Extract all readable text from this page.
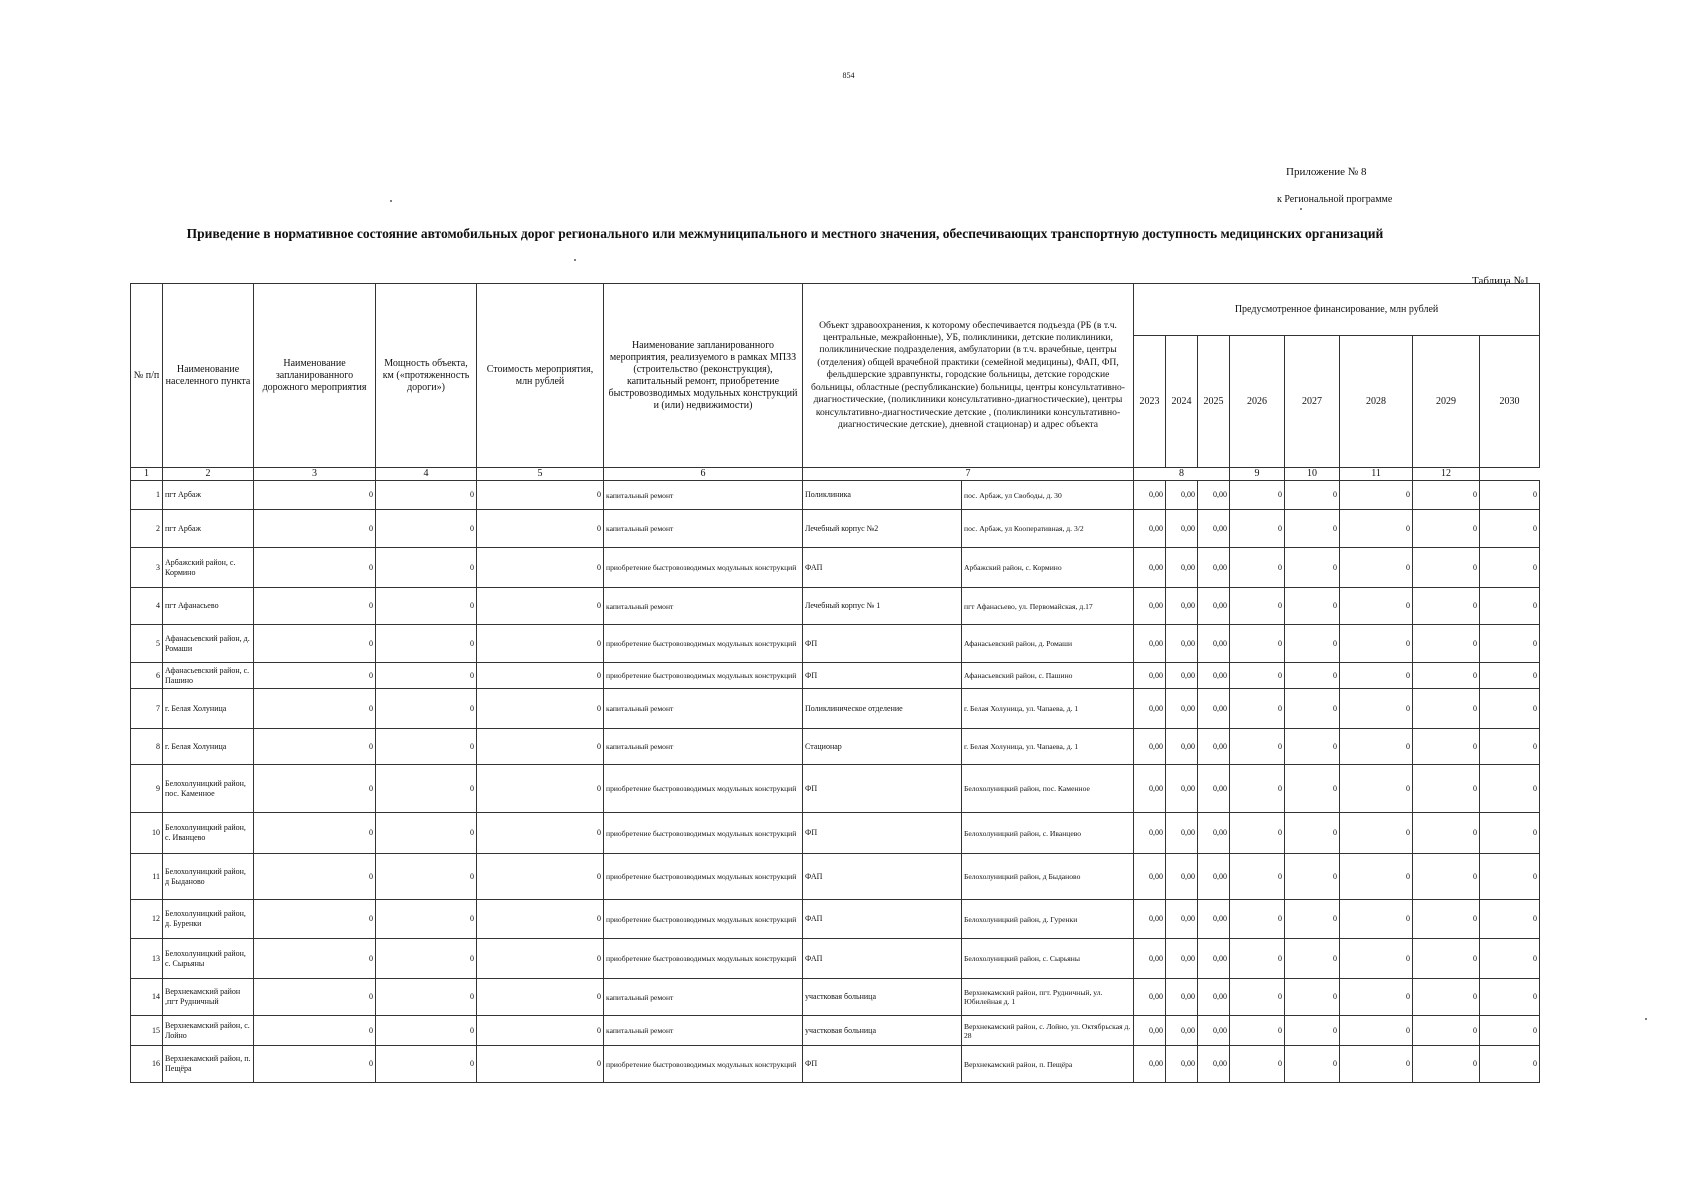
854
Приложение № 8
к Региональной программе
Приведение в нормативное состояние автомобильных дорог регионального или межмуниципального и местного значения, обеспечивающих транспортную доступность медицинских организаций
Таблица №1
№ п/п	Наименование населенного пункта	Наименование запланированного дорожного мероприятия	Мощность объекта, км («протяженность дороги»)	Стоимость мероприятия, млн рублей	Наименование запланированного мероприятия, реализуемого в рамках МПЗЗ (строительство (реконструкция), капитальный ремонт, приобретение быстровозводимых модульных конструкций и (или) недвижимости)	Объект здравоохранения, к которому обеспечивается подъезда (РБ (в т.ч. центральные, межрайонные), УБ, поликлиники, детские поликлиники, поликлинические подразделения, амбулатории (в т.ч. врачебные, центры (отделения) общей врачебной практики (семейной медицины), ФАП, ФП, фельдшерские здравпункты, городские больницы, детские городские больницы, областные (республиканские) больницы, центры консультативно-диагностические, (поликлиники консультативно-диагностические), центры консультативно-диагностические детские , (поликлиники консультативно-диагностические детские), дневной стационар) и адрес объекта		Предусмотренное финансирование, млн рублей							
								2023	2024	2025	2026	2027	2028	2029	2030
1	2	3	4	5	6	7		8			9	10	11	12	
1	пгт Арбаж	0	0	0	капитальный ремонт	Поликлиника	пос. Арбаж, ул Свободы, д. 30	0,00	0,00	0,00	0	0	0	0	0
2	пгт Арбаж	0	0	0	капитальный ремонт	Лечебный корпус №2	пос. Арбаж, ул Кооперативная, д. 3/2	0,00	0,00	0,00	0	0	0	0	0
3	Арбажский район, с. Кормино	0	0	0	приобретение быстровозводимых модульных конструкций	ФАП	Арбажский район, с. Кормино	0,00	0,00	0,00	0	0	0	0	0
4	пгт Афанасьево	0	0	0	капитальный ремонт	Лечебный корпус № 1	пгт Афанасьево, ул. Первомайская, д.17	0,00	0,00	0,00	0	0	0	0	0
5	Афанасьевский район, д. Ромаши	0	0	0	приобретение быстровозводимых модульных конструкций	ФП	Афанасьевский район, д. Ромаши	0,00	0,00	0,00	0	0	0	0	0
6	Афанасьевский район, с. Пашино	0	0	0	приобретение быстровозводимых модульных конструкций	ФП	Афанасьевский район, с. Пашино	0,00	0,00	0,00	0	0	0	0	0
7	г. Белая Холуница	0	0	0	капитальный ремонт	Поликлиническое отделение	г. Белая Холуница, ул. Чапаева, д. 1	0,00	0,00	0,00	0	0	0	0	0
8	г. Белая Холуница	0	0	0	капитальный ремонт	Стационар	г. Белая Холуница, ул. Чапаева, д. 1	0,00	0,00	0,00	0	0	0	0	0
9	Белохолуницкий район, пос. Каменное	0	0	0	приобретение быстровозводимых модульных конструкций	ФП	Белохолуницкий район, пос. Каменное	0,00	0,00	0,00	0	0	0	0	0
10	Белохолуницкий район, с. Иванцево	0	0	0	приобретение быстровозводимых модульных конструкций	ФП	Белохолуницкий район, с. Иванцево	0,00	0,00	0,00	0	0	0	0	0
11	Белохолуницкий район, д Быданово	0	0	0	приобретение быстровозводимых модульных конструкций	ФАП	Белохолуницкий район, д Быданово	0,00	0,00	0,00	0	0	0	0	0
12	Белохолуницкий район, д. Буренки	0	0	0	приобретение быстровозводимых модульных конструкций	ФАП	Белохолуницкий район, д. Гуренки	0,00	0,00	0,00	0	0	0	0	0
13	Белохолуницкий район, с. Сырьяны	0	0	0	приобретение быстровозводимых модульных конструкций	ФАП	Белохолуницкий район, с. Сырьяны	0,00	0,00	0,00	0	0	0	0	0
14	Верхнекамский район ,пгт Рудничный	0	0	0	капитальный ремонт	участковая больница	Верхнекамский район, пгт. Рудничный, ул. Юбилейная д. 1	0,00	0,00	0,00	0	0	0	0	0
15	Верхнекамский район, с. Лойно	0	0	0	капитальный ремонт	участковая больница	Верхнекамский район, с. Лойно, ул. Октябрьская д. 28	0,00	0,00	0,00	0	0	0	0	0
16	Верхнекамский район, п. Пещёра	0	0	0	приобретение быстровозводимых модульных конструкций	ФП	Верхнекамский район, п. Пещёра	0,00	0,00	0,00	0	0	0	0	0
